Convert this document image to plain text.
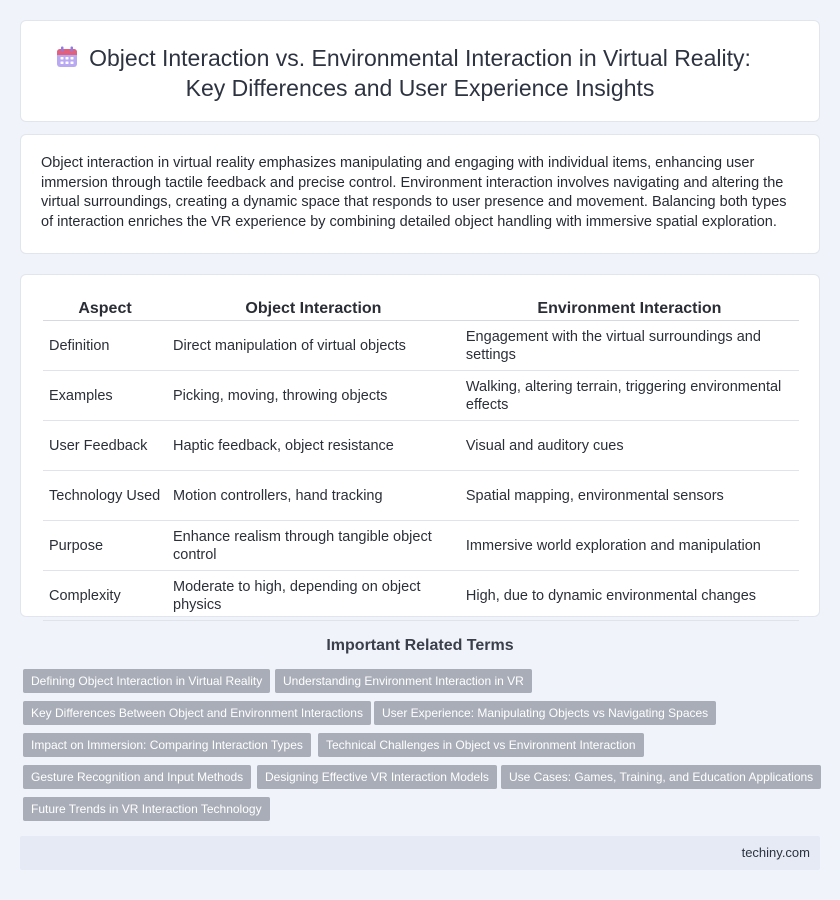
Object Interaction vs. Environmental Interaction in Virtual Reality:
Key Differences and User Experience Insights

Object interaction in virtual reality emphasizes manipulating and engaging with individual items, enhancing user immersion through tactile feedback and precise control. Environment interaction involves navigating and altering the virtual surroundings, creating a dynamic space that responds to user presence and movement. Balancing both types of interaction enriches the VR experience by combining detailed object handling with immersive spatial exploration.

Aspect	Object Interaction	Environment Interaction
Definition	Direct manipulation of virtual objects	Engagement with the virtual surroundings and settings
Examples	Picking, moving, throwing objects	Walking, altering terrain, triggering environmental effects
User Feedback	Haptic feedback, object resistance	Visual and auditory cues
Technology Used	Motion controllers, hand tracking	Spatial mapping, environmental sensors
Purpose	Enhance realism through tangible object control	Immersive world exploration and manipulation
Complexity	Moderate to high, depending on object physics	High, due to dynamic environmental changes
Important Related Terms
Defining Object Interaction in Virtual Reality	Understanding Environment Interaction in VR
Key Differences Between Object and Environment Interactions	User Experience: Manipulating Objects vs Navigating Spaces
Impact on Immersion: Comparing Interaction Types	Technical Challenges in Object vs Environment Interaction
Gesture Recognition and Input Methods	Designing Effective VR Interaction Models	Use Cases: Games, Training, and Education Applications
Future Trends in VR Interaction Technology
techiny.com
